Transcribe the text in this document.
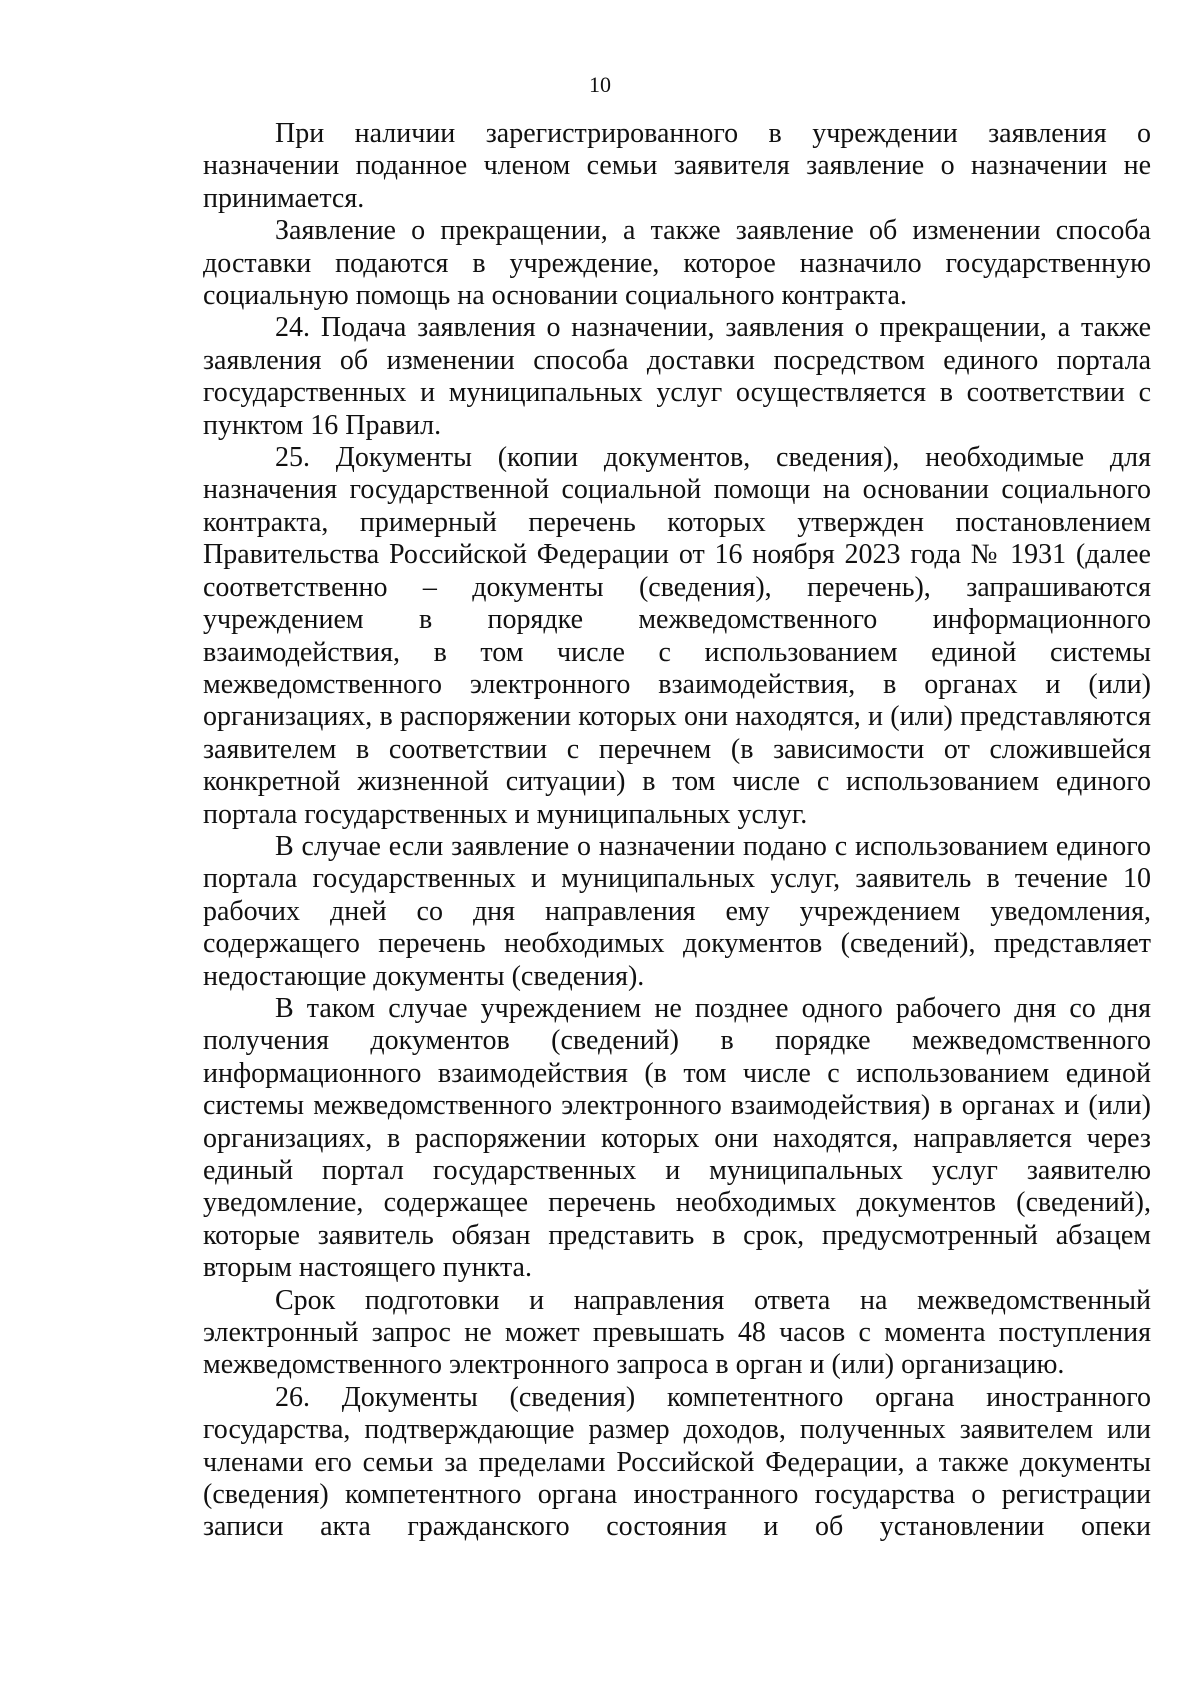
10

При наличии зарегистрированного в учреждении заявления о назначении поданное членом семьи заявителя заявление о назначении не принимается.

Заявление о прекращении, а также заявление об изменении способа доставки подаются в учреждение, которое назначило государственную социальную помощь на основании социального контракта.

24. Подача заявления о назначении, заявления о прекращении, а также заявления об изменении способа доставки посредством единого портала государственных и муниципальных услуг осуществляется в соответствии с пунктом 16 Правил.

25. Документы (копии документов, сведения), необходимые для назначения государственной социальной помощи на основании социального контракта, примерный перечень которых утвержден постановлением Правительства Российской Федерации от 16 ноября 2023 года № 1931 (далее соответственно – документы (сведения), перечень), запрашиваются учреждением в порядке межведомственного информационного взаимодействия, в том числе с использованием единой системы межведомственного электронного взаимодействия, в органах и (или) организациях, в распоряжении которых они находятся, и (или) представляются заявителем в соответствии с перечнем (в зависимости от сложившейся конкретной жизненной ситуации) в том числе с использованием единого портала государственных и муниципальных услуг.

В случае если заявление о назначении подано с использованием единого портала государственных и муниципальных услуг, заявитель в течение 10 рабочих дней со дня направления ему учреждением уведомления, содержащего перечень необходимых документов (сведений), представляет недостающие документы (сведения).

В таком случае учреждением не позднее одного рабочего дня со дня получения документов (сведений) в порядке межведомственного информационного взаимодействия (в том числе с использованием единой системы межведомственного электронного взаимодействия) в органах и (или) организациях, в распоряжении которых они находятся, направляется через единый портал государственных и муниципальных услуг заявителю уведомление, содержащее перечень необходимых документов (сведений), которые заявитель обязан представить в срок, предусмотренный абзацем вторым настоящего пункта.

Срок подготовки и направления ответа на межведомственный электронный запрос не может превышать 48 часов с момента поступления межведомственного электронного запроса в орган и (или) организацию.

26. Документы (сведения) компетентного органа иностранного государства, подтверждающие размер доходов, полученных заявителем или членами его семьи за пределами Российской Федерации, а также документы (сведения) компетентного органа иностранного государства о регистрации записи акта гражданского состояния и об установлении опеки
